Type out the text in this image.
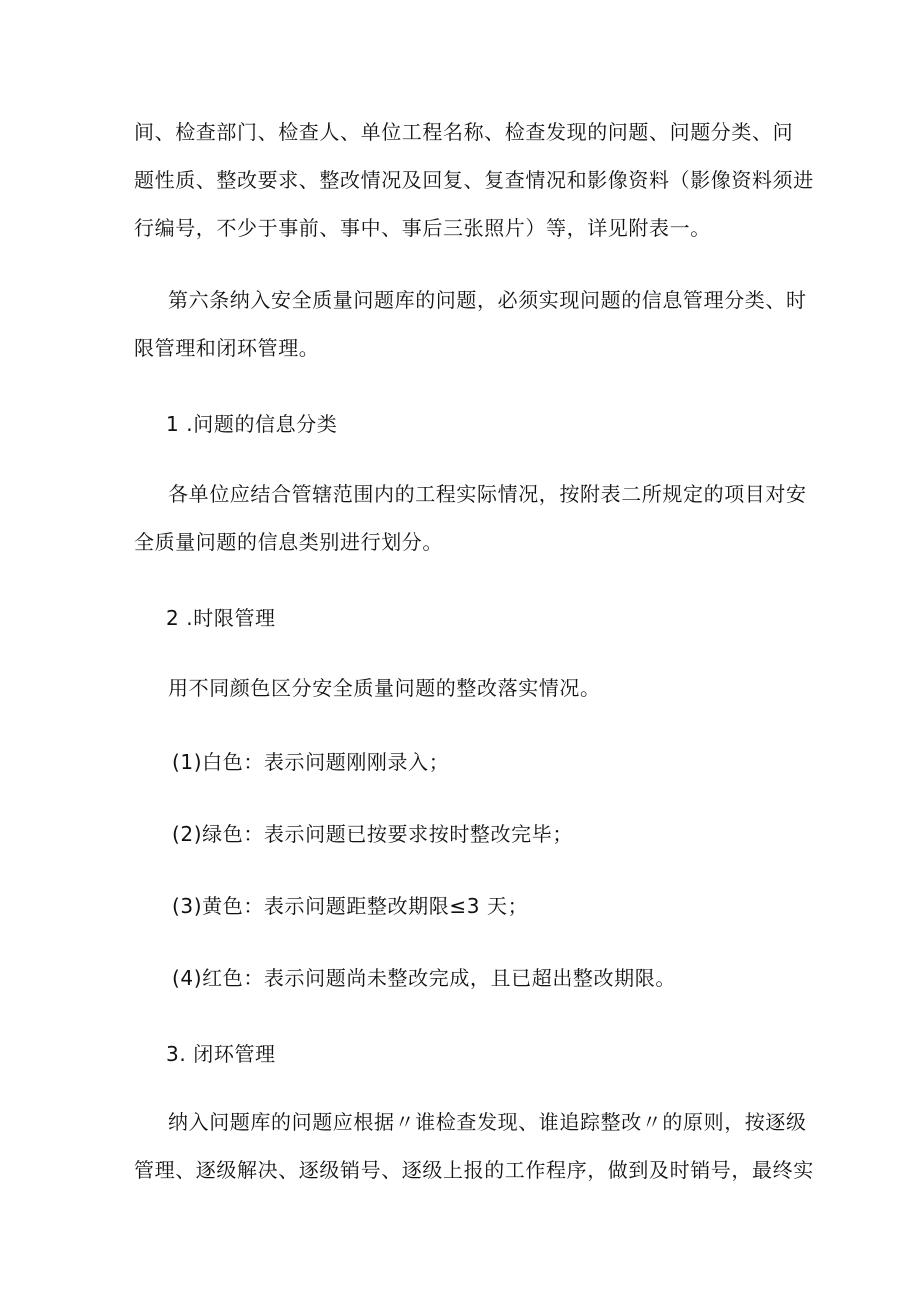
间、检查部门、检查人、单位工程名称、检查发现的问题、问题分类、问
题性质、整改要求、整改情况及回复、复查情况和影像资料（影像资料须进
行编号，不少于事前、事中、事后三张照片）等，详见附表一。
第六条纳入安全质量问题库的问题，必须实现问题的信息管理分类、时
限管理和闭环管理。
1 .问题的信息分类
各单位应结合管辖范围内的工程实际情况，按附表二所规定的项目对安
全质量问题的信息类别进行划分。
2 .时限管理
用不同颜色区分安全质量问题的整改落实情况。
(1)白色：表示问题刚刚录入；
(2)绿色：表示问题已按要求按时整改完毕；
(3)黄色：表示问题距整改期限≤3 天；
(4)红色：表示问题尚未整改完成，且已超出整改期限。
3. 闭环管理
纳入问题库的问题应根据〃谁检查发现、谁追踪整改〃的原则，按逐级
管理、逐级解决、逐级销号、逐级上报的工作程序，做到及时销号，最终实
